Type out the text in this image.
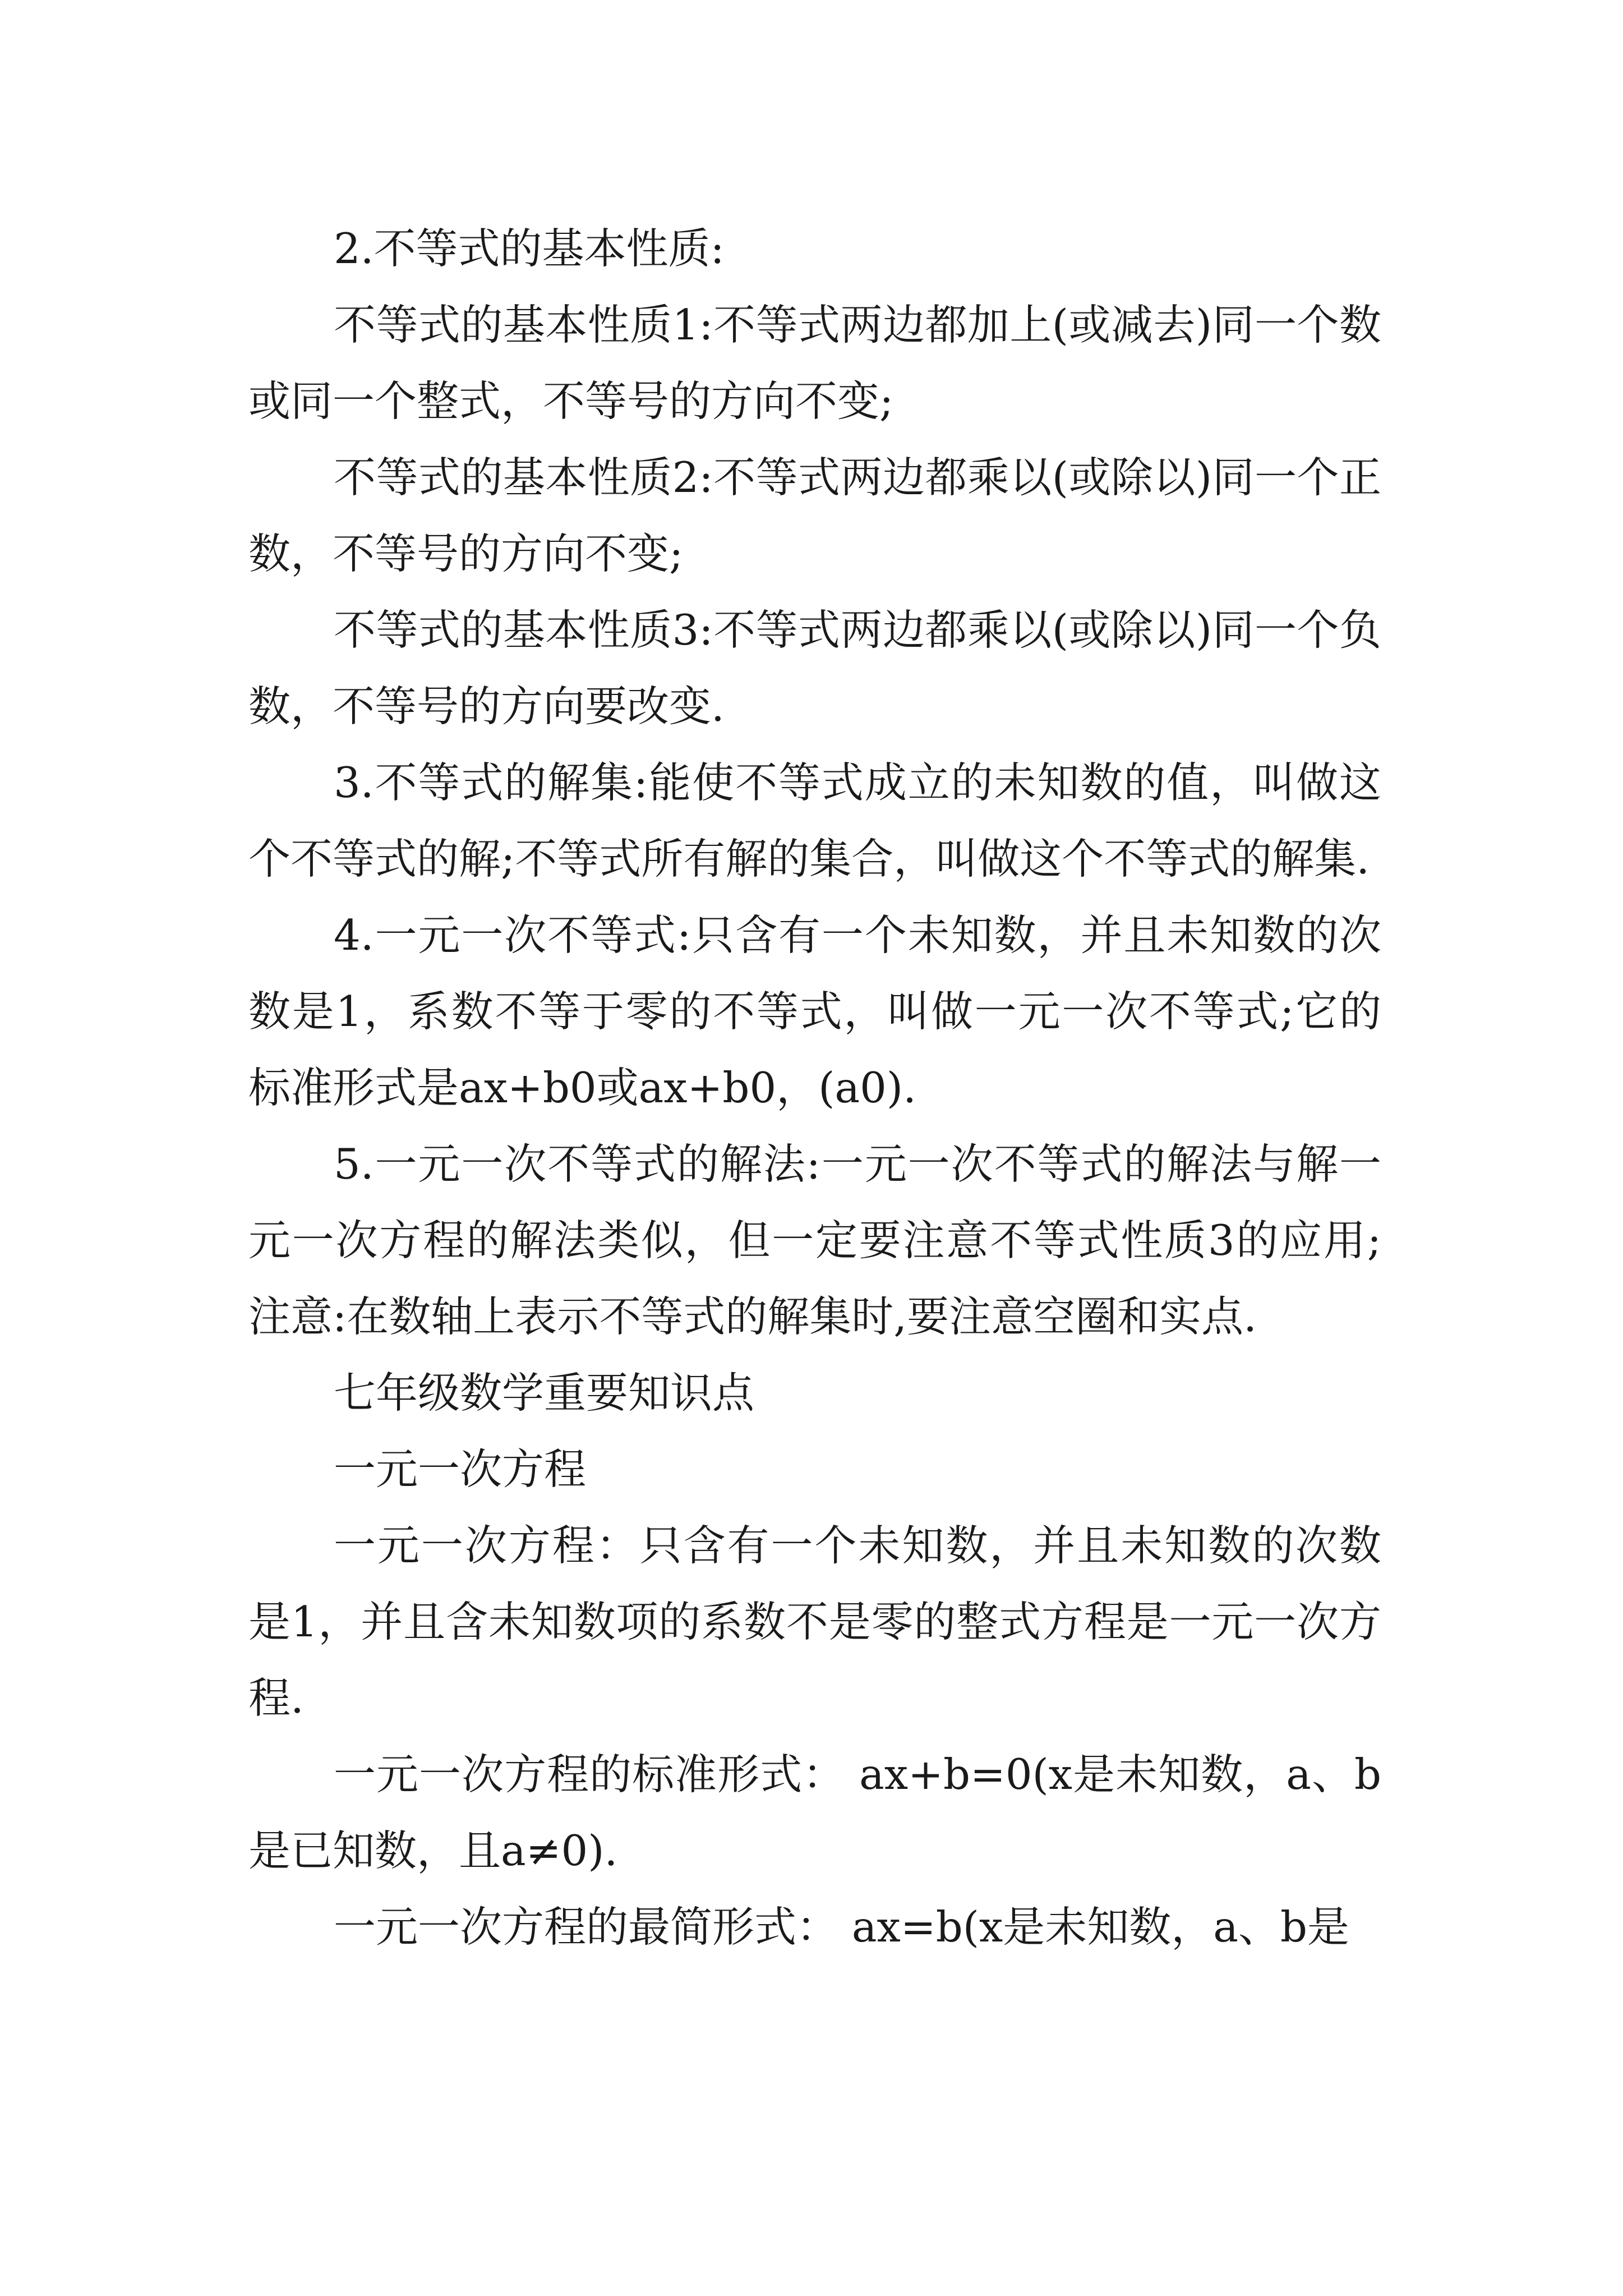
2.不等式的基本性质:

不等式的基本性质1:不等式两边都加上(或减去)同一个数或同一个整式，不等号的方向不变;

不等式的基本性质2:不等式两边都乘以(或除以)同一个正数，不等号的方向不变;

不等式的基本性质3:不等式两边都乘以(或除以)同一个负数，不等号的方向要改变.

3.不等式的解集:能使不等式成立的未知数的值，叫做这个不等式的解;不等式所有解的集合，叫做这个不等式的解集.

4.一元一次不等式:只含有一个未知数，并且未知数的次数是1，系数不等于零的不等式，叫做一元一次不等式;它的标准形式是ax+b0或ax+b0，(a0).

5.一元一次不等式的解法:一元一次不等式的解法与解一元一次方程的解法类似，但一定要注意不等式性质3的应用;注意:在数轴上表示不等式的解集时,要注意空圈和实点.

七年级数学重要知识点

一元一次方程

一元一次方程：只含有一个未知数，并且未知数的次数是1，并且含未知数项的系数不是零的整式方程是一元一次方程.

一元一次方程的标准形式： ax+b=0(x是未知数，a、b是已知数，且a≠0).

一元一次方程的最简形式： ax=b(x是未知数，a、b是
